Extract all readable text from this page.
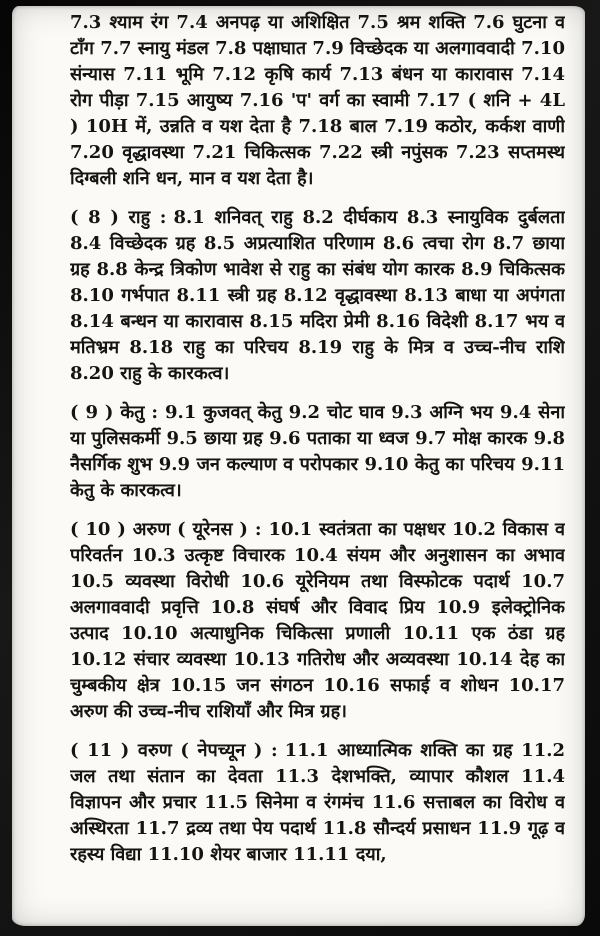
7.3 श्याम रंग 7.4 अनपढ़ या अशिक्षित 7.5 श्रम शक्ति 7.6 घुटना व टाँग 7.7 स्नायु मंडल 7.8 पक्षाघात 7.9 विच्छेदक या अलगाववादी 7.10 संन्यास 7.11 भूमि 7.12 कृषि कार्य 7.13 बंधन या कारावास 7.14 रोग पीड़ा 7.15 आयुष्य 7.16 'प' वर्ग का स्वामी 7.17 ( शनि + 4L ) 10H में, उन्नति व यश देता है 7.18 बाल 7.19 कठोर, कर्कश वाणी 7.20 वृद्धावस्था 7.21 चिकित्सक 7.22 स्त्री नपुंसक 7.23 सप्तमस्थ दिग्बली शनि धन, मान व यश देता है।

( 8 ) राहु : 8.1 शनिवत् राहु 8.2 दीर्घकाय 8.3 स्नायुविक दुर्बलता 8.4 विच्छेदक ग्रह 8.5 अप्रत्याशित परिणाम 8.6 त्वचा रोग 8.7 छाया ग्रह 8.8 केन्द्र त्रिकोण भावेश से राहु का संबंध योग कारक 8.9 चिकित्सक 8.10 गर्भपात 8.11 स्त्री ग्रह 8.12 वृद्धावस्था 8.13 बाधा या अपंगता 8.14 बन्धन या कारावास 8.15 मदिरा प्रेमी 8.16 विदेशी 8.17 भय व मतिभ्रम 8.18 राहु का परिचय 8.19 राहु के मित्र व उच्च-नीच राशि 8.20 राहु के कारकत्व।

( 9 ) केतु : 9.1 कुजवत् केतु 9.2 चोट घाव 9.3 अग्नि भय 9.4 सेना या पुलिसकर्मी 9.5 छाया ग्रह 9.6 पताका या ध्वज 9.7 मोक्ष कारक 9.8 नैसर्गिक शुभ 9.9 जन कल्याण व परोपकार 9.10 केतु का परिचय 9.11 केतु के कारकत्व।

( 10 ) अरुण ( यूरेनस ) : 10.1 स्वतंत्रता का पक्षधर 10.2 विकास व परिवर्तन 10.3 उत्कृष्ट विचारक 10.4 संयम और अनुशासन का अभाव 10.5 व्यवस्था विरोधी 10.6 यूरेनियम तथा विस्फोटक पदार्थ 10.7 अलगाववादी प्रवृत्ति 10.8 संघर्ष और विवाद प्रिय 10.9 इलेक्ट्रोनिक उत्पाद 10.10 अत्याधुनिक चिकित्सा प्रणाली 10.11 एक ठंडा ग्रह 10.12 संचार व्यवस्था 10.13 गतिरोध और अव्यवस्था 10.14 देह का चुम्बकीय क्षेत्र 10.15 जन संगठन 10.16 सफाई व शोधन 10.17 अरुण की उच्च-नीच राशियाँ और मित्र ग्रह।

( 11 ) वरुण ( नेपच्यून ) : 11.1 आध्यात्मिक शक्ति का ग्रह 11.2 जल तथा संतान का देवता 11.3 देशभक्ति, व्यापार कौशल 11.4 विज्ञापन और प्रचार 11.5 सिनेमा व रंगमंच 11.6 सत्ताबल का विरोध व अस्थिरता 11.7 द्रव्य तथा पेय पदार्थ 11.8 सौन्दर्य प्रसाधन 11.9 गूढ़ व रहस्य विद्या 11.10 शेयर बाजार 11.11 दया,
